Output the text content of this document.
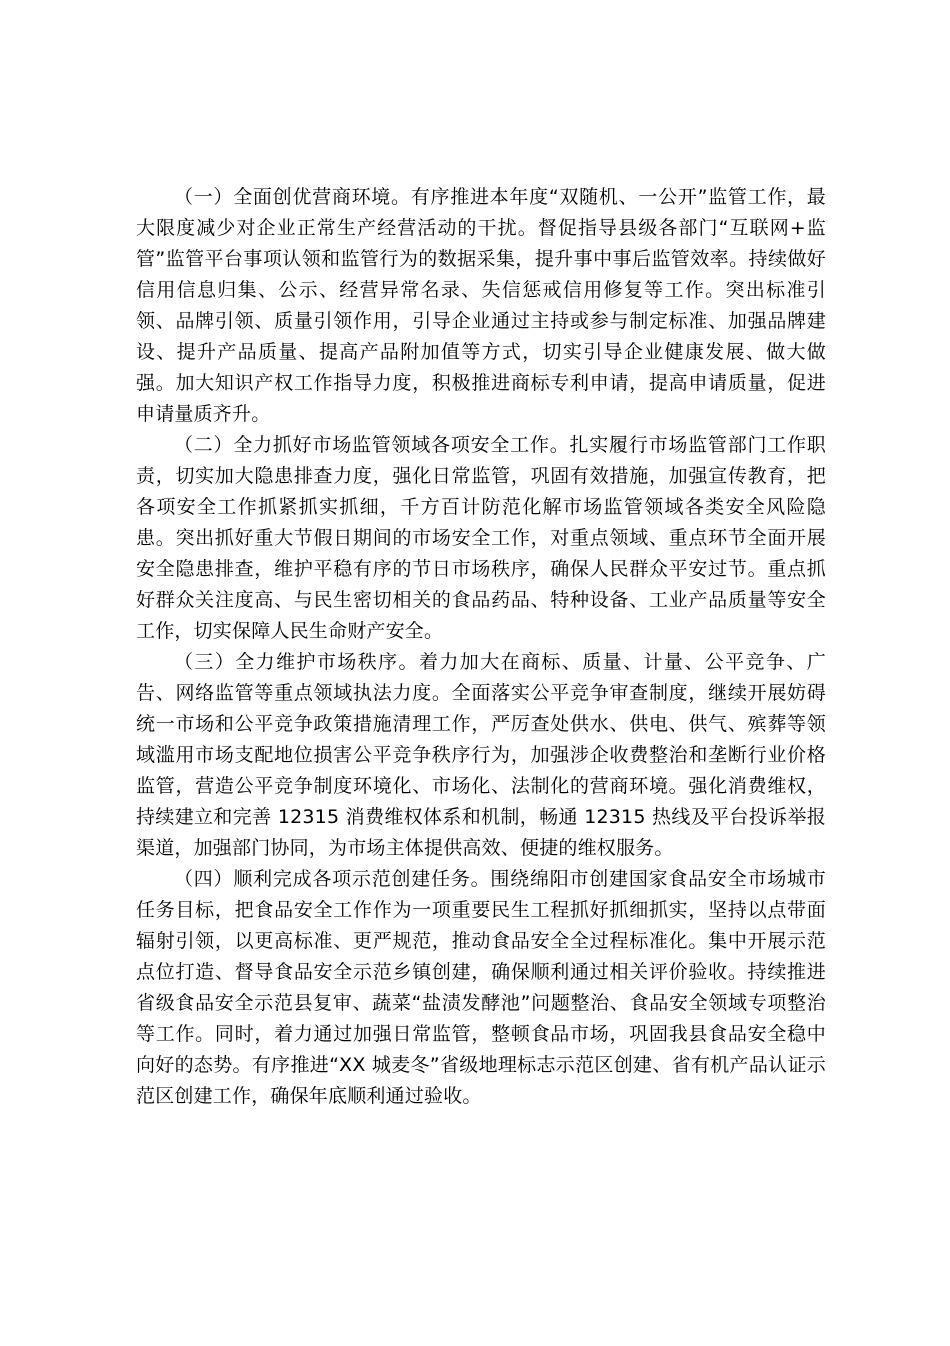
（一）全面创优营商环境。有序推进本年度“双随机、一公开”监管工作，最大限度减少对企业正常生产经营活动的干扰。督促指导县级各部门“互联网+监管”监管平台事项认领和监管行为的数据采集，提升事中事后监管效率。持续做好信用信息归集、公示、经营异常名录、失信惩戒信用修复等工作。突出标准引领、品牌引领、质量引领作用，引导企业通过主持或参与制定标准、加强品牌建设、提升产品质量、提高产品附加值等方式，切实引导企业健康发展、做大做强。加大知识产权工作指导力度，积极推进商标专利申请，提高申请质量，促进申请量质齐升。

（二）全力抓好市场监管领域各项安全工作。扎实履行市场监管部门工作职责，切实加大隐患排查力度，强化日常监管，巩固有效措施，加强宣传教育，把各项安全工作抓紧抓实抓细，千方百计防范化解市场监管领域各类安全风险隐患。突出抓好重大节假日期间的市场安全工作，对重点领域、重点环节全面开展安全隐患排查，维护平稳有序的节日市场秩序，确保人民群众平安过节。重点抓好群众关注度高、与民生密切相关的食品药品、特种设备、工业产品质量等安全工作，切实保障人民生命财产安全。

（三）全力维护市场秩序。着力加大在商标、质量、计量、公平竞争、广告、网络监管等重点领域执法力度。全面落实公平竞争审查制度，继续开展妨碍统一市场和公平竞争政策措施清理工作，严厉查处供水、供电、供气、殡葬等领域滥用市场支配地位损害公平竞争秩序行为，加强涉企收费整治和垄断行业价格监管，营造公平竞争制度环境化、市场化、法制化的营商环境。强化消费维权，持续建立和完善 12315 消费维权体系和机制，畅通 12315 热线及平台投诉举报渠道，加强部门协同，为市场主体提供高效、便捷的维权服务。

（四）顺利完成各项示范创建任务。围绕绵阳市创建国家食品安全市场城市任务目标，把食品安全工作作为一项重要民生工程抓好抓细抓实，坚持以点带面辐射引领，以更高标准、更严规范，推动食品安全全过程标准化。集中开展示范点位打造、督导食品安全示范乡镇创建，确保顺利通过相关评价验收。持续推进省级食品安全示范县复审、蔬菜“盐渍发酵池”问题整治、食品安全领域专项整治等工作。同时，着力通过加强日常监管，整顿食品市场，巩固我县食品安全稳中向好的态势。有序推进“XX 城麦冬”省级地理标志示范区创建、省有机产品认证示范区创建工作，确保年底顺利通过验收。
